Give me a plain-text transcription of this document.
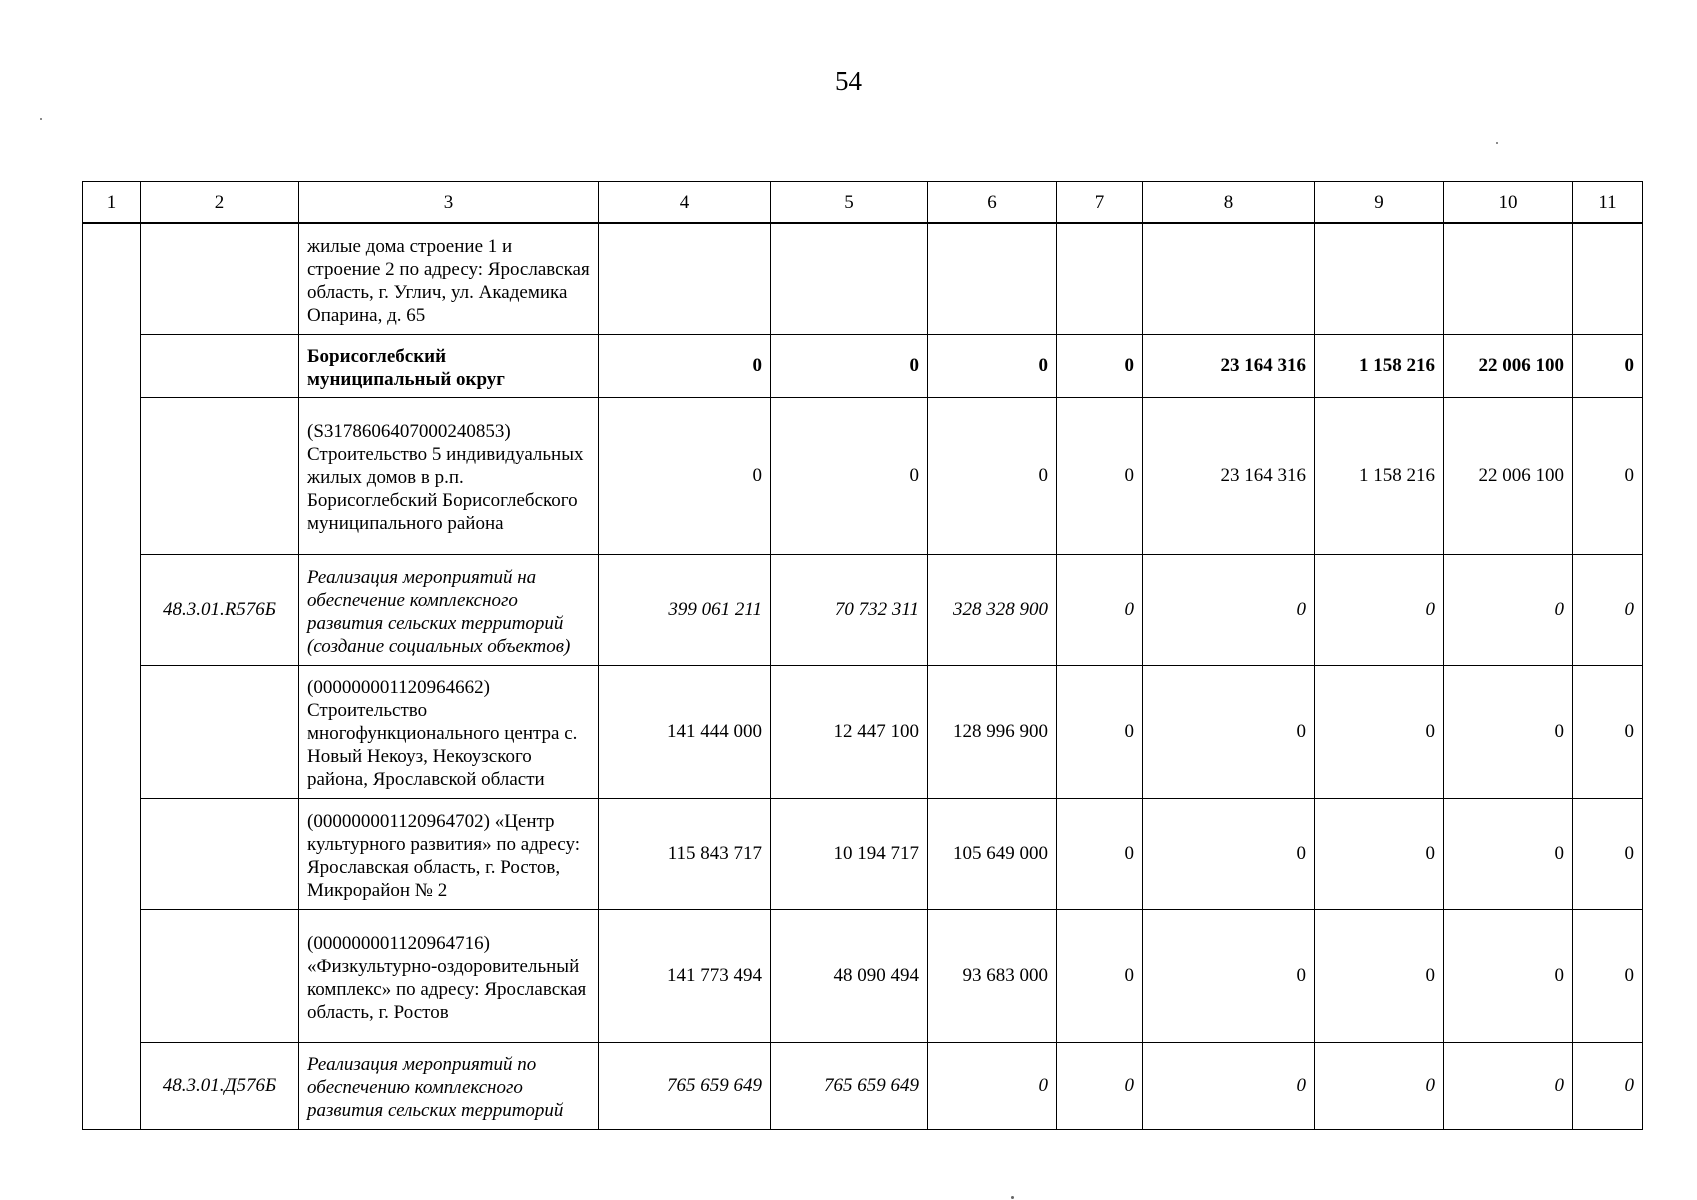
54
1	2	3	4	5	6	7	8	9	10	11
		жилые дома строение 1 и строение 2 по адресу: Ярославская область, г. Углич, ул. Академика Опарина, д. 65								
		Борисоглебский муниципальный округ	0	0	0	0	23 164 316	1 158 216	22 006 100	0
		(S3178606407000240853) Строительство 5 индивидуальных жилых домов в р.п. Борисоглебский Борисоглебского муниципального района	0	0	0	0	23 164 316	1 158 216	22 006 100	0
	48.3.01.R576Б	Реализация мероприятий на обеспечение комплексного развития сельских территорий (создание социальных объектов)	399 061 211	70 732 311	328 328 900	0	0	0	0	0
		(000000001120964662) Строительство многофункционального центра с. Новый Некоуз, Некоузского района, Ярославской области	141 444 000	12 447 100	128 996 900	0	0	0	0	0
		(000000001120964702) «Центр культурного развития» по адресу: Ярославская область, г. Ростов, Микрорайон № 2	115 843 717	10 194 717	105 649 000	0	0	0	0	0
		(000000001120964716) «Физкультурно-оздоровительный комплекс» по адресу: Ярославская область, г. Ростов	141 773 494	48 090 494	93 683 000	0	0	0	0	0
	48.3.01.Д576Б	Реализация мероприятий по обеспечению комплексного развития сельских территорий	765 659 649	765 659 649	0	0	0	0	0	0
